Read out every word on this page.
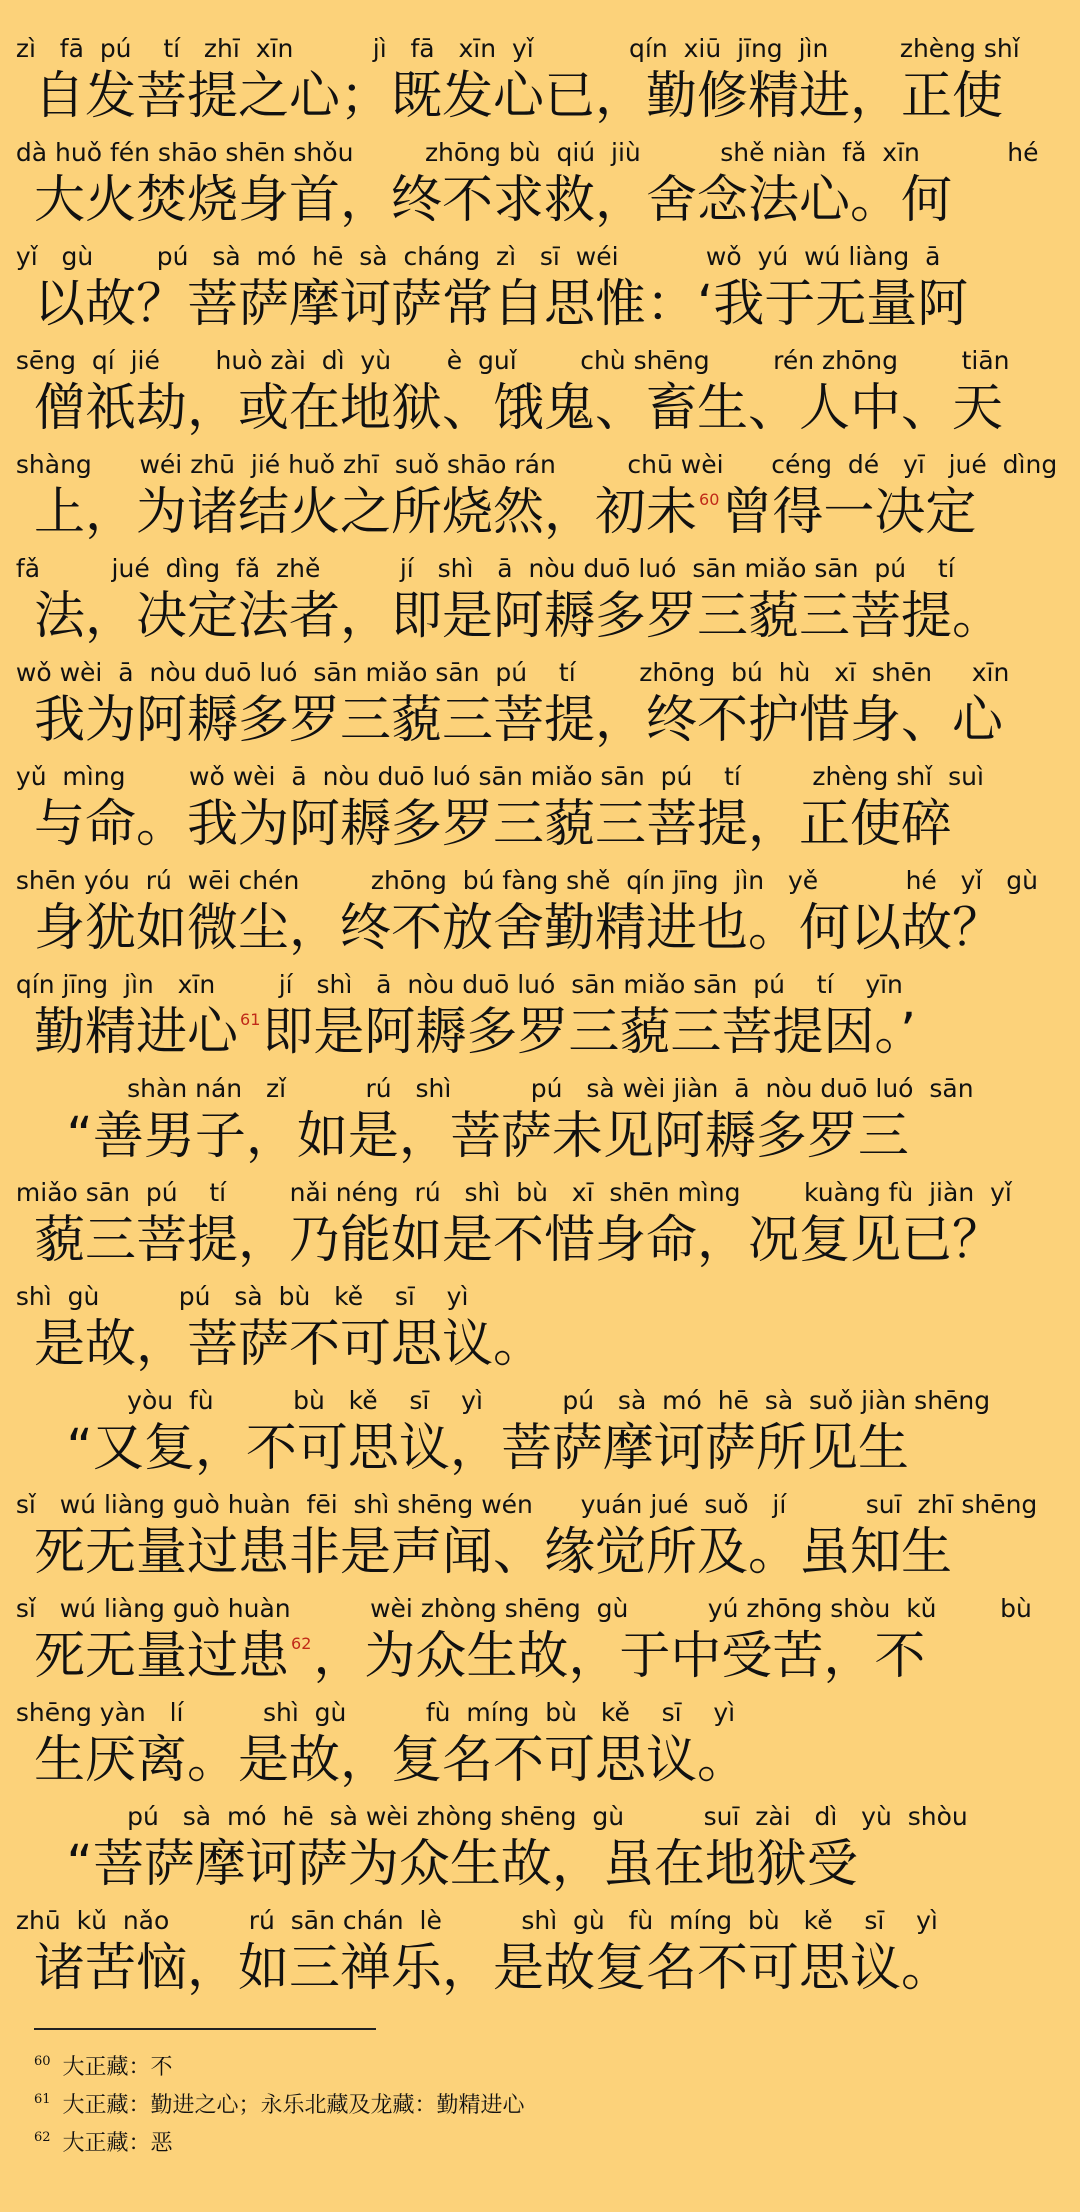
zì   fā  pú    tí   zhī  xīn          jì   fā   xīn  yǐ            qín  xiū  jīng  jìn         zhèng shǐ
自发菩提之心；既发心已，勤修精进，正使
dà huǒ fén shāo shēn shǒu         zhōng bù  qiú  jiù          shě niàn  fǎ  xīn           hé
大火焚烧身首，终不求救，舍念法心。何
yǐ   gù        pú   sà  mó  hē  sà  cháng  zì   sī  wéi           wǒ  yú  wú liàng  ā
以故？菩萨摩诃萨常自思惟：‘我于无量阿
sēng  qí  jié       huò zài  dì  yù       è  guǐ        chù shēng        rén zhōng        tiān
僧祇劫，或在地狱、饿鬼、畜生、人中、天
shàng      wéi zhū  jié huǒ zhī  suǒ shāo rán         chū wèi      céng  dé   yī   jué  dìng
上，为诸结火之所烧然，初未 $^{60}$曾得一决定
fǎ         jué  dìng  fǎ  zhě          jí   shì   ā  nòu duō luó  sān miǎo sān  pú    tí
法，决定法者，即是阿耨多罗三藐三菩提。
wǒ wèi  ā  nòu duō luó  sān miǎo sān  pú    tí        zhōng  bú  hù   xī  shēn     xīn
我为阿耨多罗三藐三菩提，终不护惜身、心
yǔ  mìng        wǒ wèi  ā  nòu duō luó sān miǎo sān  pú    tí         zhèng shǐ  suì
与命。我为阿耨多罗三藐三菩提，正使碎
shēn yóu  rú  wēi chén         zhōng  bú fàng shě  qín jīng  jìn   yě           hé   yǐ   gù
身犹如微尘，终不放舍勤精进也。何以故？
qín jīng  jìn   xīn        jí   shì   ā  nòu duō luó  sān miǎo sān  pú    tí    yīn
勤精进心 $^{61}$即是阿耨多罗三藐三菩提因。’
shàn nán   zǐ          rú   shì          pú   sà wèi jiàn  ā  nòu duō luó  sān
“善男子，如是，菩萨未见阿耨多罗三
miǎo sān  pú    tí        nǎi néng  rú   shì  bù   xī  shēn mìng        kuàng fù  jiàn  yǐ
藐三菩提，乃能如是不惜身命，况复见已？
shì  gù          pú   sà  bù   kě    sī    yì
是故，菩萨不可思议。
yòu  fù          bù   kě    sī    yì          pú   sà  mó  hē  sà  suǒ jiàn shēng
“又复，不可思议，菩萨摩诃萨所见生
sǐ   wú liàng guò huàn  fēi  shì shēng wén      yuán jué  suǒ   jí          suī  zhī shēng
死无量过患非是声闻、缘觉所及。虽知生
sǐ   wú liàng guò huàn          wèi zhòng shēng  gù          yú zhōng shòu  kǔ        bù
死无量过患 $^{62}$，为众生故，于中受苦，不
shēng yàn   lí          shì  gù          fù  míng  bù   kě    sī    yì
生厌离。是故，复名不可思议。
pú   sà  mó  hē  sà wèi zhòng shēng  gù          suī  zài   dì   yù  shòu
“菩萨摩诃萨为众生故，虽在地狱受
zhū  kǔ  nǎo          rú  sān chán  lè          shì  gù   fù  míng  bù   kě    sī    yì
诸苦恼，如三禅乐，是故复名不可思议。
$^{60}$ 大正藏：不
$^{61}$ 大正藏：勤进之心；永乐北藏及龙藏：勤精进心
$^{62}$ 大正藏：恶
